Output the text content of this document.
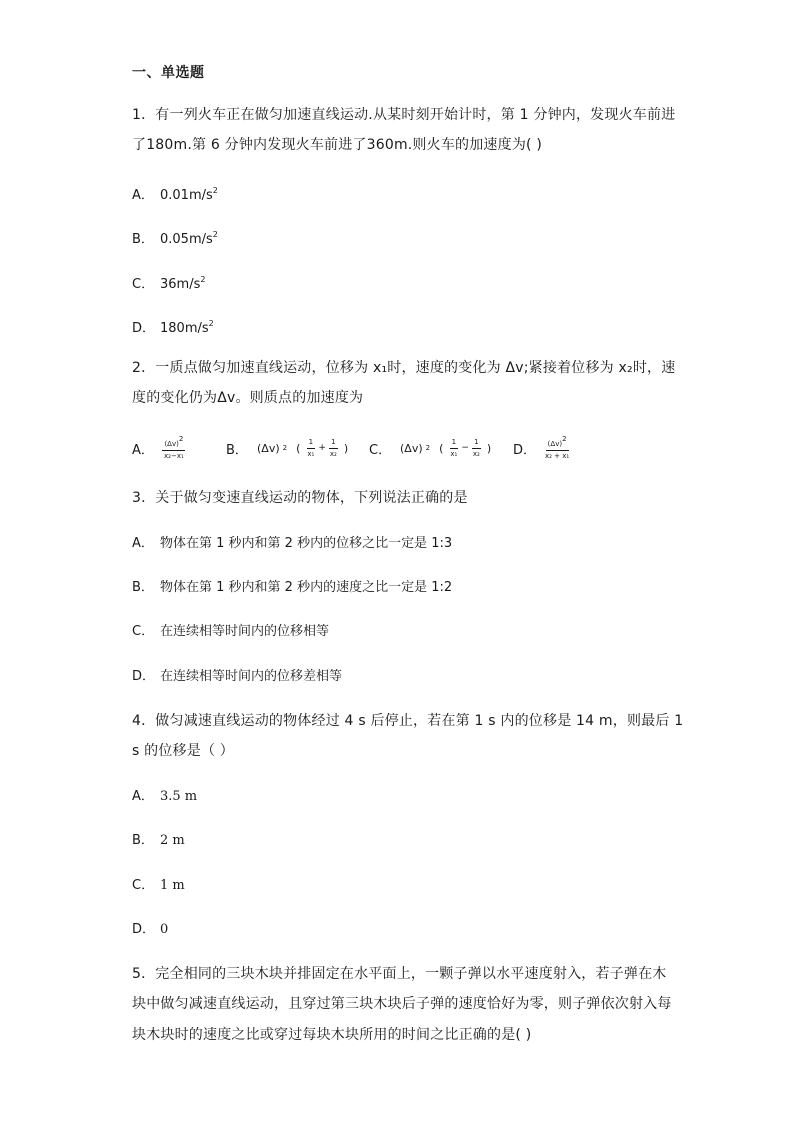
一、单选题
1．有一列火车正在做匀加速直线运动.从某时刻开始计时，第 1 分钟内，发现火车前进
了180m.第 6 分钟内发现火车前进了360m.则火车的加速度为( )
A． $0.01m/s^2$
B． $0.05m/s^2$
C． $36m/s^2$
D． $180m/s^2$
2．一质点做匀加速直线运动，位移为 x₁时，速度的变化为 Δv;紧接着位移为 x₂时，速
度的变化仍为Δv。则质点的加速度为
A．	$\frac{(\Delta v)2}{\text{x₂−x₁}}$	B． (Δv) 2 ( $\frac{1}{\text{x₁}} + \frac{1}{\text{x₂}}$ ) C． (Δv) 2 ( $\frac{1}{\text{x₁}} - \frac{1}{\text{x₂}}$ ) D． $\frac{(\Delta v)2}{\text{x₂ + x₁}}$
3．关于做匀变速直线运动的物体，下列说法正确的是
A． 物体在第 1 秒内和第 2 秒内的位移之比一定是 1:3
B． 物体在第 1 秒内和第 2 秒内的速度之比一定是 1:2
C． 在连续相等时间内的位移相等
D． 在连续相等时间内的位移差相等
4．做匀减速直线运动的物体经过 4 s 后停止，若在第 1 s 内的位移是 14 m，则最后 1
s 的位移是（ ）
A． 3.5 m
B． 2 m
C． 1 m
D． 0
5．完全相同的三块木块并排固定在水平面上，一颗子弹以水平速度射入，若子弹在木
块中做匀减速直线运动，且穿过第三块木块后子弹的速度恰好为零，则子弹依次射入每
块木块时的速度之比或穿过每块木块所用的时间之比正确的是( )
